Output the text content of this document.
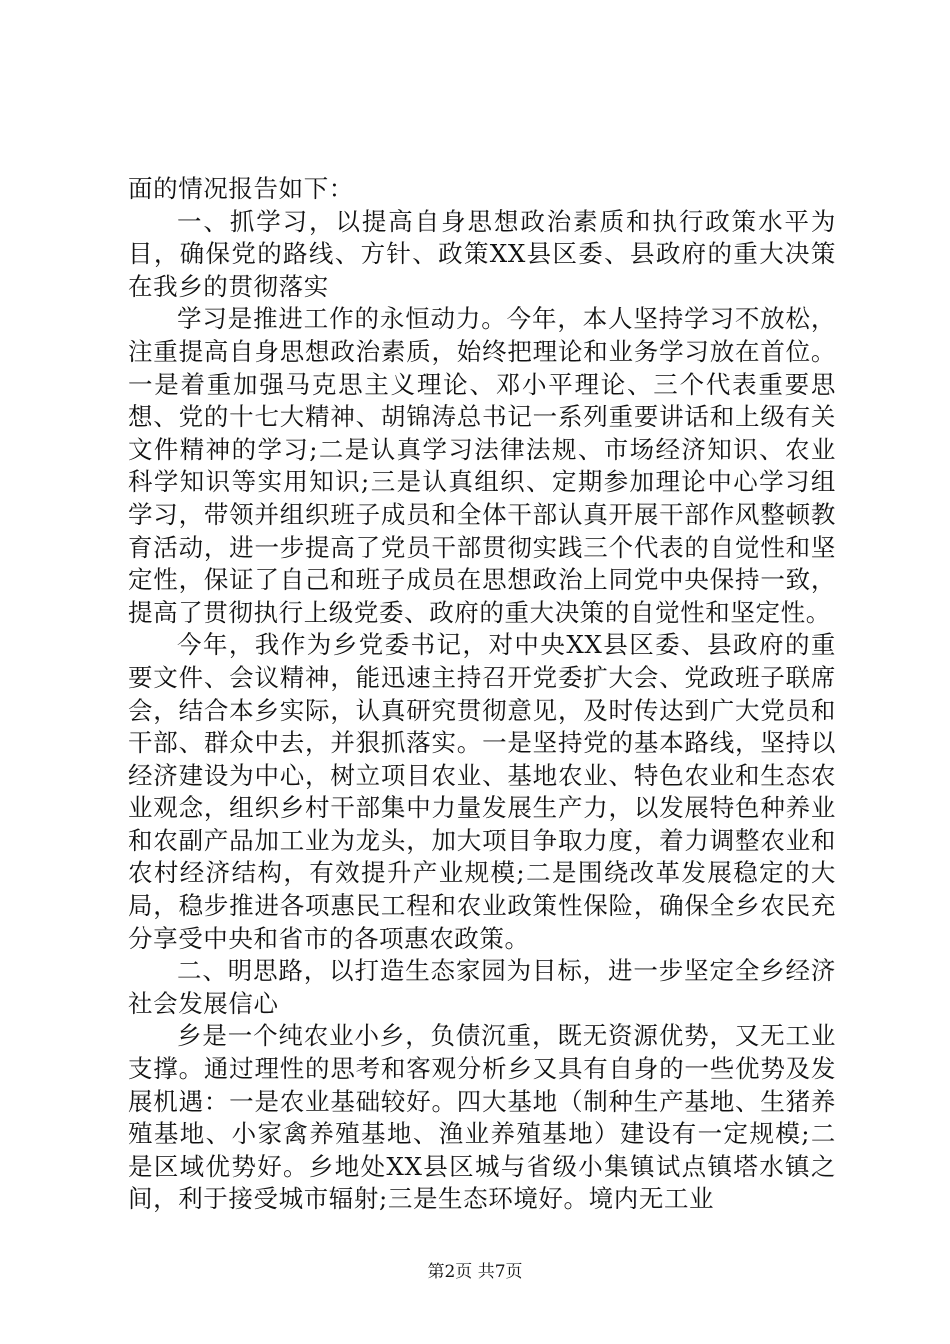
面的情况报告如下：

一、抓学习，以提高自身思想政治素质和执行政策水平为目，确保党的路线、方针、政策XX县区委、县政府的重大决策在我乡的贯彻落实

学习是推进工作的永恒动力。今年，本人坚持学习不放松，注重提高自身思想政治素质，始终把理论和业务学习放在首位。一是着重加强马克思主义理论、邓小平理论、三个代表重要思想、党的十七大精神、胡锦涛总书记一系列重要讲话和上级有关文件精神的学习;二是认真学习法律法规、市场经济知识、农业科学知识等实用知识;三是认真组织、定期参加理论中心学习组学习，带领并组织班子成员和全体干部认真开展干部作风整顿教育活动，进一步提高了党员干部贯彻实践三个代表的自觉性和坚定性，保证了自己和班子成员在思想政治上同党中央保持一致，提高了贯彻执行上级党委、政府的重大决策的自觉性和坚定性。

今年，我作为乡党委书记，对中央XX县区委、县政府的重要文件、会议精神，能迅速主持召开党委扩大会、党政班子联席会，结合本乡实际，认真研究贯彻意见，及时传达到广大党员和干部、群众中去，并狠抓落实。一是坚持党的基本路线，坚持以经济建设为中心，树立项目农业、基地农业、特色农业和生态农业观念，组织乡村干部集中力量发展生产力，以发展特色种养业和农副产品加工业为龙头，加大项目争取力度，着力调整农业和农村经济结构，有效提升产业规模;二是围绕改革发展稳定的大局，稳步推进各项惠民工程和农业政策性保险，确保全乡农民充分享受中央和省市的各项惠农政策。

二、明思路，以打造生态家园为目标，进一步坚定全乡经济社会发展信心

乡是一个纯农业小乡，负债沉重，既无资源优势，又无工业支撑。通过理性的思考和客观分析乡又具有自身的一些优势及发展机遇：一是农业基础较好。四大基地（制种生产基地、生猪养殖基地、小家禽养殖基地、渔业养殖基地）建设有一定规模;二是区域优势好。乡地处XX县区城与省级小集镇试点镇塔水镇之间，利于接受城市辐射;三是生态环境好。境内无工业

第2页 共7页
